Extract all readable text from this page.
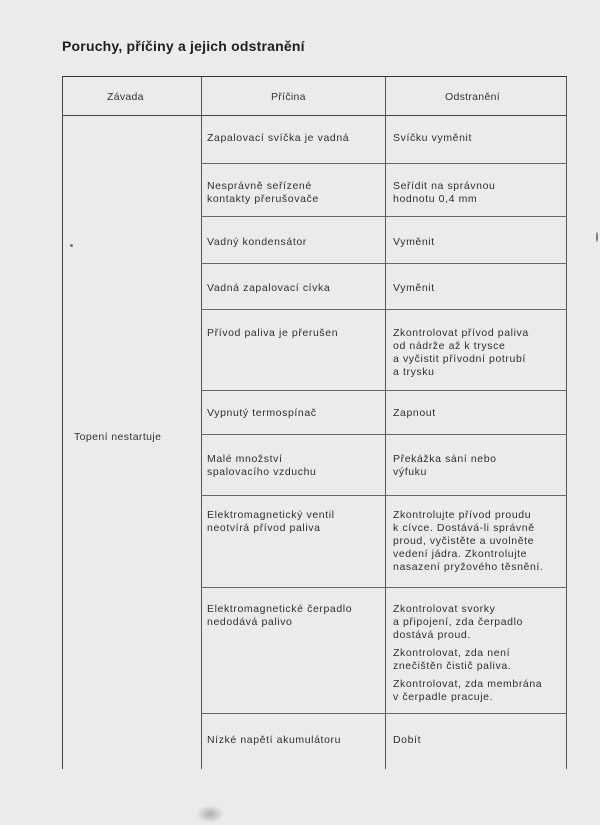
Poruchy, příčiny a jejich odstranění
Závada	Příčina	Odstranění
Topení nestartuje
Zapalovací svíčka je vadná
Nesprávně seřízené
kontakty přerušovače
Vadný kondensátor
Vadná zapalovací cívka
Přívod paliva je přerušen
Vypnutý termospínač
Malé množství
spalovacího vzduchu
Elektromagnetický ventil
neotvírá přívod paliva
Elektromagnetické čerpadlo
nedodává palivo
Nízké napětí akumulátoru
Svíčku vyměnit
Seřídit na správnou
hodnotu 0,4 mm
Vyměnit
Vyměnit
Zkontrolovat přívod paliva
od nádrže až k trysce
a vyčistit přívodní potrubí
a trysku
Zapnout
Překážka sání nebo
výfuku
Zkontrolujte přívod proudu
k cívce. Dostává-li správně
proud, vyčistěte a uvolněte
vedení jádra. Zkontrolujte
nasazení pryžového těsnění.
Zkontrolovat svorky
a připojení, zda čerpadlo
dostává proud.
Zkontrolovat, zda není
znečištěn čistič paliva.
Zkontrolovat, zda membrána
v čerpadle pracuje.
Dobít
